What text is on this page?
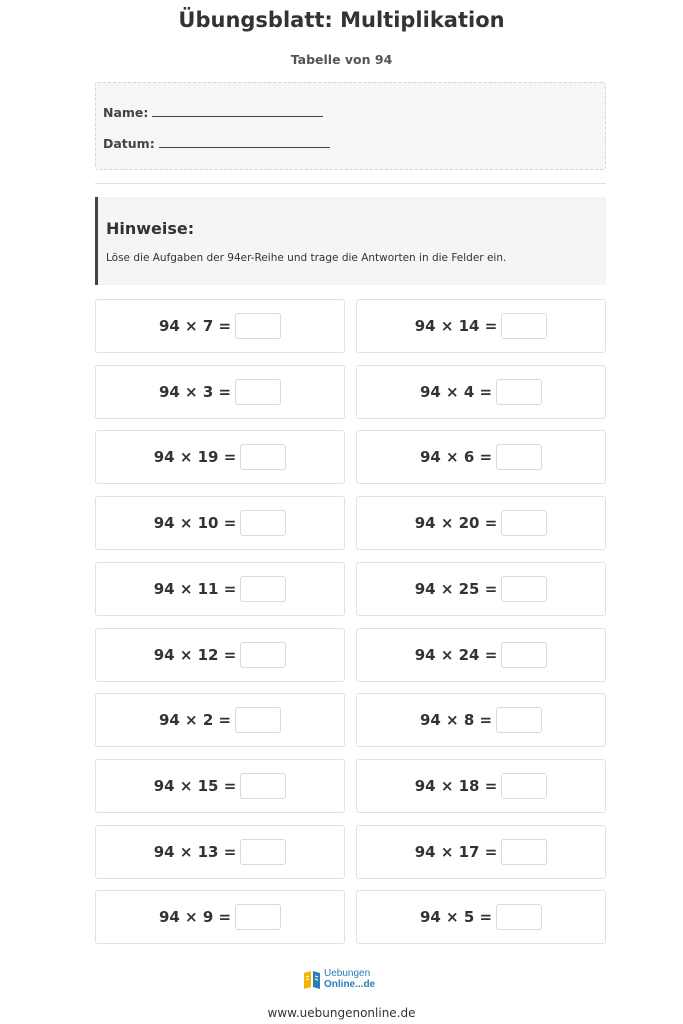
Übungsblatt: Multiplikation
Tabelle von 94
Name:
Datum:
Hinweise:
Löse die Aufgaben der 94er-Reihe und trage die Antworten in die Felder ein.
94 × 7 =	94 × 14 =
94 × 3 =	94 × 4 =
94 × 19 =	94 × 6 =
94 × 10 =	94 × 20 =
94 × 11 =	94 × 25 =
94 × 12 =	94 × 24 =
94 × 2 =	94 × 8 =
94 × 15 =	94 × 18 =
94 × 13 =	94 × 17 =
94 × 9 =	94 × 5 =
Uebungen
Online...de
www.uebungenonline.de
